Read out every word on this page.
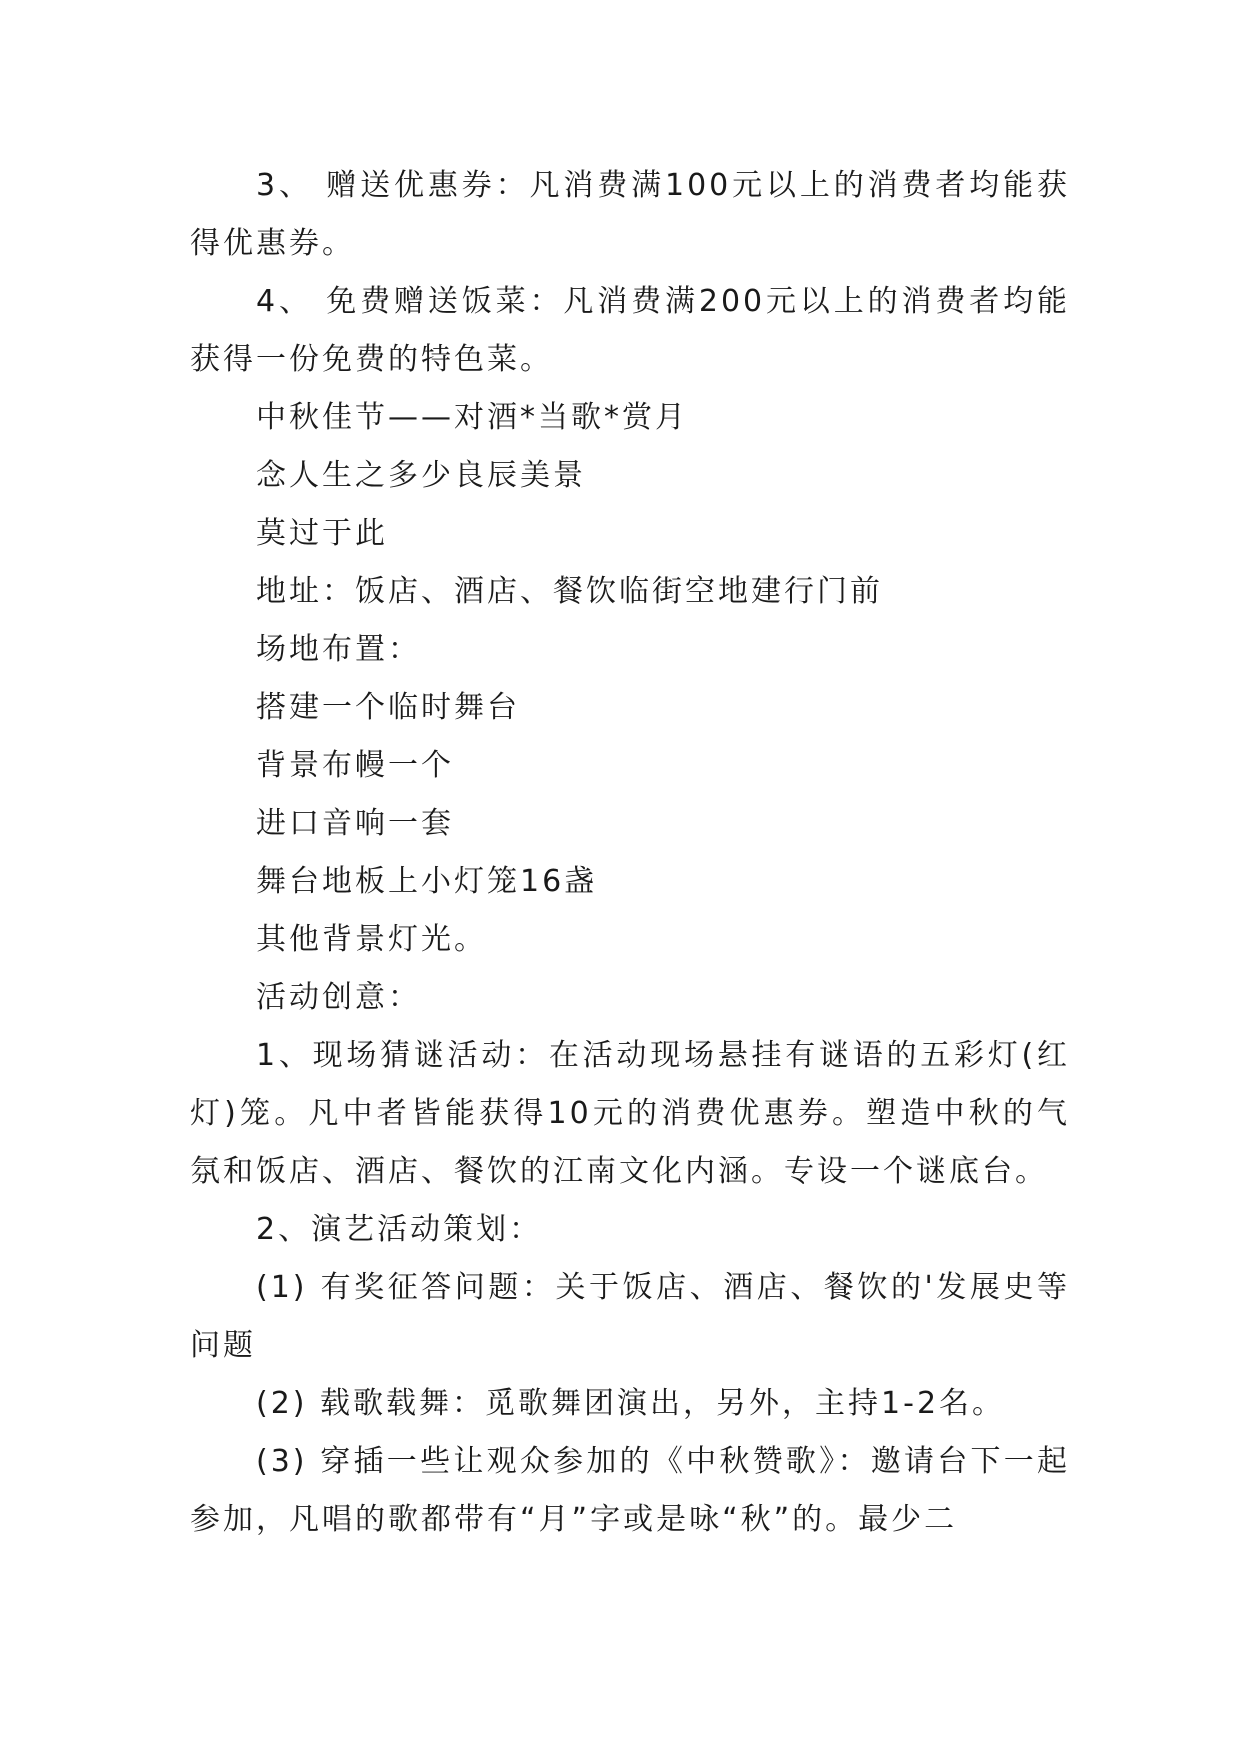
3、 赠送优惠券：凡消费满100元以上的消费者均能获得优惠券。

4、 免费赠送饭菜：凡消费满200元以上的消费者均能获得一份免费的特色菜。

中秋佳节——对酒*当歌*赏月

念人生之多少良辰美景

莫过于此

地址：饭店、酒店、餐饮临街空地建行门前

场地布置：

搭建一个临时舞台

背景布幔一个

进口音响一套

舞台地板上小灯笼16盏

其他背景灯光。

活动创意：

1、现场猜谜活动：在活动现场悬挂有谜语的五彩灯(红灯)笼。凡中者皆能获得10元的消费优惠券。塑造中秋的气氛和饭店、酒店、餐饮的江南文化内涵。专设一个谜底台。

2、演艺活动策划：

(1) 有奖征答问题：关于饭店、酒店、餐饮的'发展史等问题

(2) 载歌载舞：觅歌舞团演出，另外，主持1-2名。

(3) 穿插一些让观众参加的《中秋赞歌》：邀请台下一起参加，凡唱的歌都带有“月”字或是咏“秋”的。最少二
